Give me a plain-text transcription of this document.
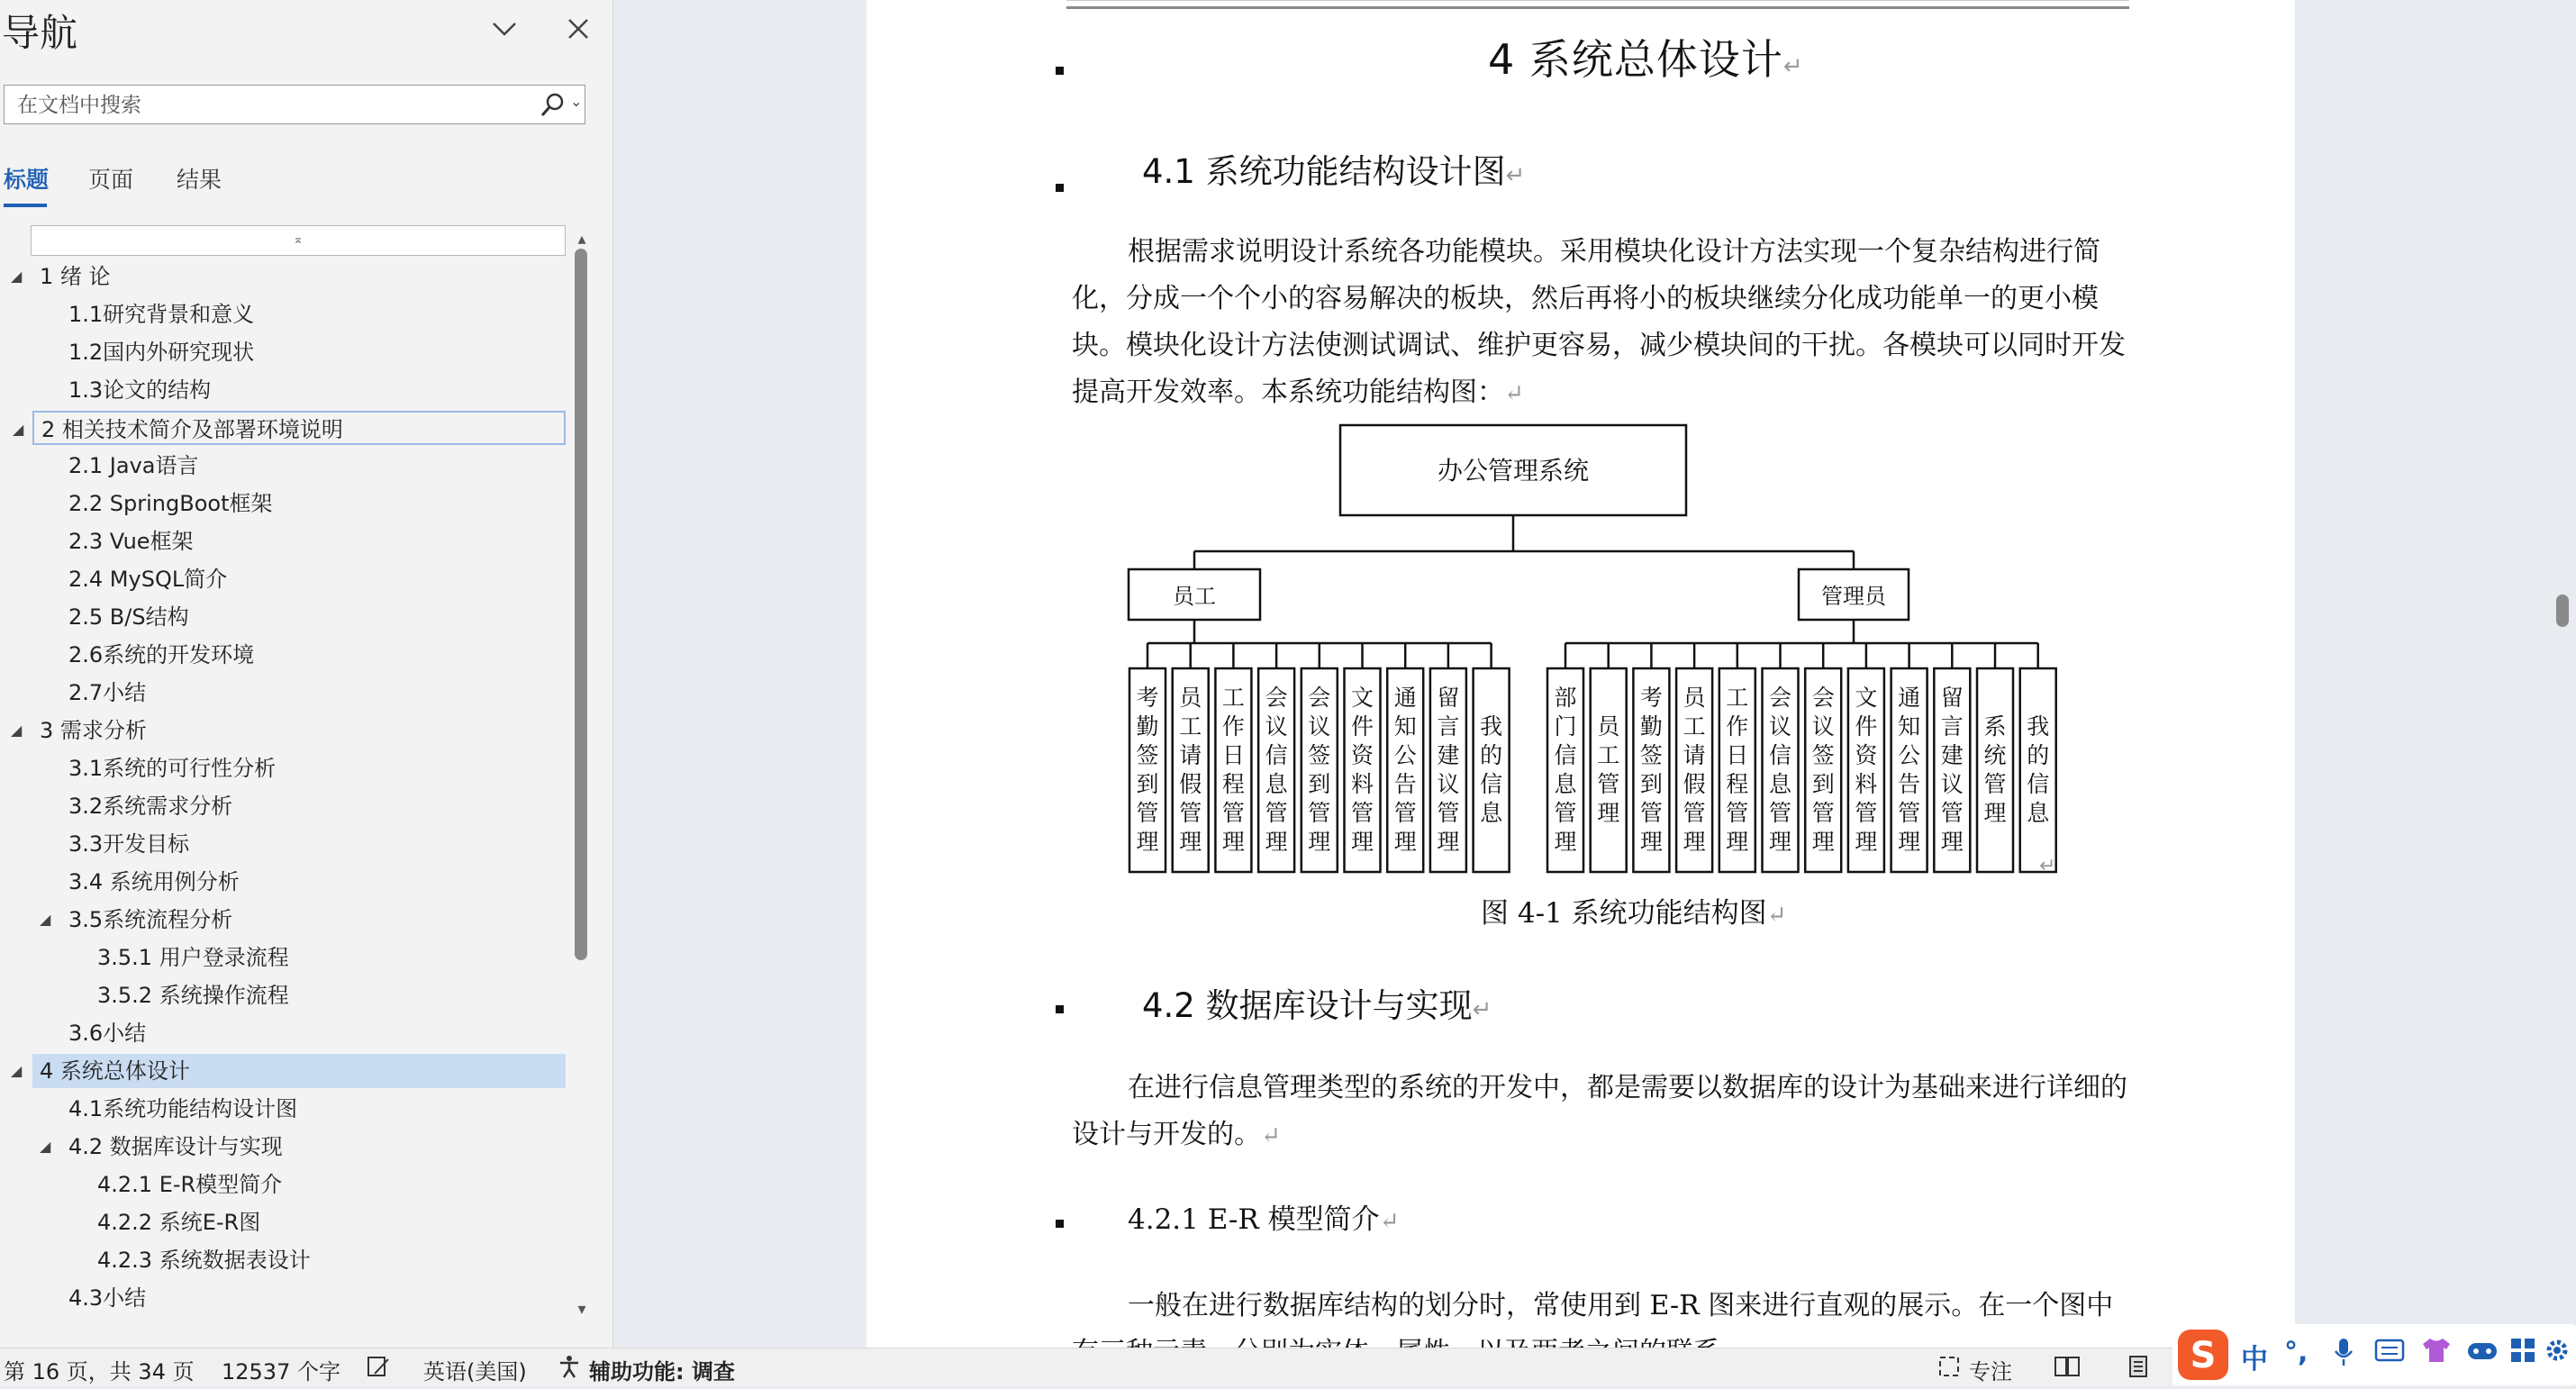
导航
在文档中搜索
⌄
标题 页面 结果
⌅
◢ 1 绪 论
1.1研究背景和意义
1.2国内外研究现状
1.3论文的结构
◢ 2 相关技术简介及部署环境说明
2.1 Java语言
2.2 SpringBoot框架
2.3 Vue框架
2.4 MySQL简介
2.5 B/S结构
2.6系统的开发环境
2.7小结
◢ 3 需求分析
3.1系统的可行性分析
3.2系统需求分析
3.3开发目标
3.4 系统用例分析
◢ 3.5系统流程分析
3.5.1 用户登录流程
3.5.2 系统操作流程
3.6小结
◢ 4 系统总体设计
4.1系统功能结构设计图
◢ 4.2 数据库设计与实现
4.2.1 E-R模型简介
4.2.2 系统E-R图
4.2.3 系统数据表设计
4.3小结
▴
▾
4 系统总体设计↵
4.1 系统功能结构设计图↵
根据需求说明设计系统各功能模块。采用模块化设计方法实现一个复杂结构进行简化，分成一个个小的容易解决的板块，然后再将小的板块继续分化成功能单一的更小模块。模块化设计方法使测试调试、维护更容易，减少模块间的干扰。各模块可以同时开发提高开发效率。本系统功能结构图：↵
办公管理系统
员工
考勤签到管理
员工请假管理
工作日程管理
会议信息管理
会议签到管理
文件资料管理
通知公告管理
留言建议管理
我的信息
管理员
部门信息管理
员工管理
考勤签到管理
员工请假管理
工作日程管理
会议信息管理
会议签到管理
文件资料管理
通知公告管理
留言建议管理
系统管理
我的信息
↵
图 4-1 系统功能结构图↵
4.2 数据库设计与实现↵
在进行信息管理类型的系统的开发中，都是需要以数据库的设计为基础来进行详细的设计与开发的。↵
4.2.1 E-R 模型简介↵
一般在进行数据库结构的划分时，常使用到 E-R 图来进行直观的展示。在一个图中
第 16 页，共 34 页 12537 个字	英语(美国)	辅助功能: 调查	专注	S 中 °,
